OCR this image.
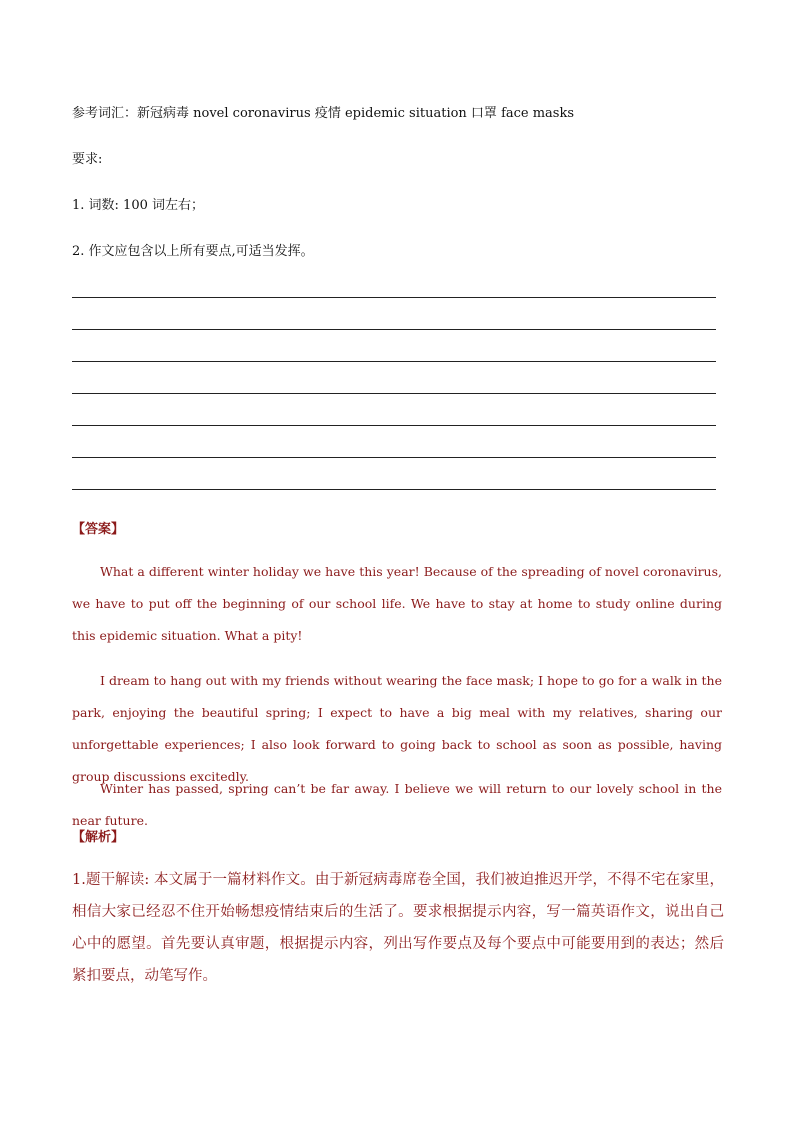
参考词汇：新冠病毒 novel coronavirus 疫情 epidemic situation 口罩 face masks
要求:
1. 词数: 100 词左右；
2. 作文应包含以上所有要点,可适当发挥。
【答案】
What a different winter holiday we have this year! Because of the spreading of novel coronavirus, we have to put off the beginning of our school life. We have to stay at home to study online during this epidemic situation. What a pity!
I dream to hang out with my friends without wearing the face mask; I hope to go for a walk in the park, enjoying the beautiful spring; I expect to have a big meal with my relatives, sharing our unforgettable experiences; I also look forward to going back to school as soon as possible, having group discussions excitedly.
Winter has passed, spring can’t be far away. I believe we will return to our lovely school in the near future.
【解析】
1.题干解读: 本文属于一篇材料作文。由于新冠病毒席卷全国，我们被迫推迟开学，不得不宅在家里，相信大家已经忍不住开始畅想疫情结束后的生活了。要求根据提示内容，写一篇英语作文，说出自己心中的愿望。首先要认真审题，根据提示内容，列出写作要点及每个要点中可能要用到的表达；然后紧扣要点，动笔写作。
